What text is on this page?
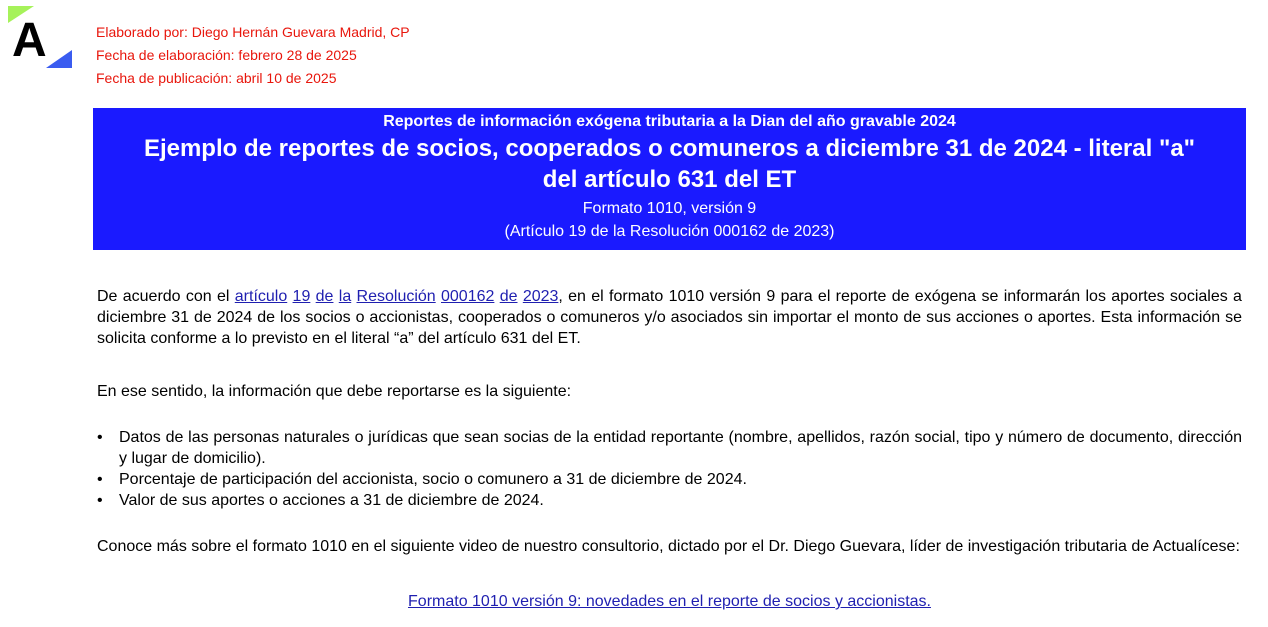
A	Elaborado por: Diego Hernán Guevara Madrid, CP
Fecha de elaboración: febrero 28 de 2025
Fecha de publicación: abril 10 de 2025
Reportes de información exógena tributaria a la Dian del año gravable 2024
Ejemplo de reportes de socios, cooperados o comuneros a diciembre 31 de 2024 - literal "a"
del artículo 631 del ET
Formato 1010, versión 9
(Artículo 19 de la Resolución 000162 de 2023)

De acuerdo con el artículo 19 de la Resolución 000162 de 2023, en el formato 1010 versión 9 para el reporte de exógena se informarán los aportes sociales a diciembre 31 de 2024 de los socios o accionistas, cooperados o comuneros y/o asociados sin importar el monto de sus acciones o aportes. Esta información se solicita conforme a lo previsto en el literal “a” del artículo 631 del ET.

En ese sentido, la información que debe reportarse es la siguiente:

• Datos de las personas naturales o jurídicas que sean socias de la entidad reportante (nombre, apellidos, razón social, tipo y número de documento, dirección y lugar de domicilio).
• Porcentaje de participación del accionista, socio o comunero a 31 de diciembre de 2024.
• Valor de sus aportes o acciones a 31 de diciembre de 2024.

Conoce más sobre el formato 1010 en el siguiente video de nuestro consultorio, dictado por el Dr. Diego Guevara, líder de investigación tributaria de Actualícese:

Formato 1010 versión 9: novedades en el reporte de socios y accionistas.
